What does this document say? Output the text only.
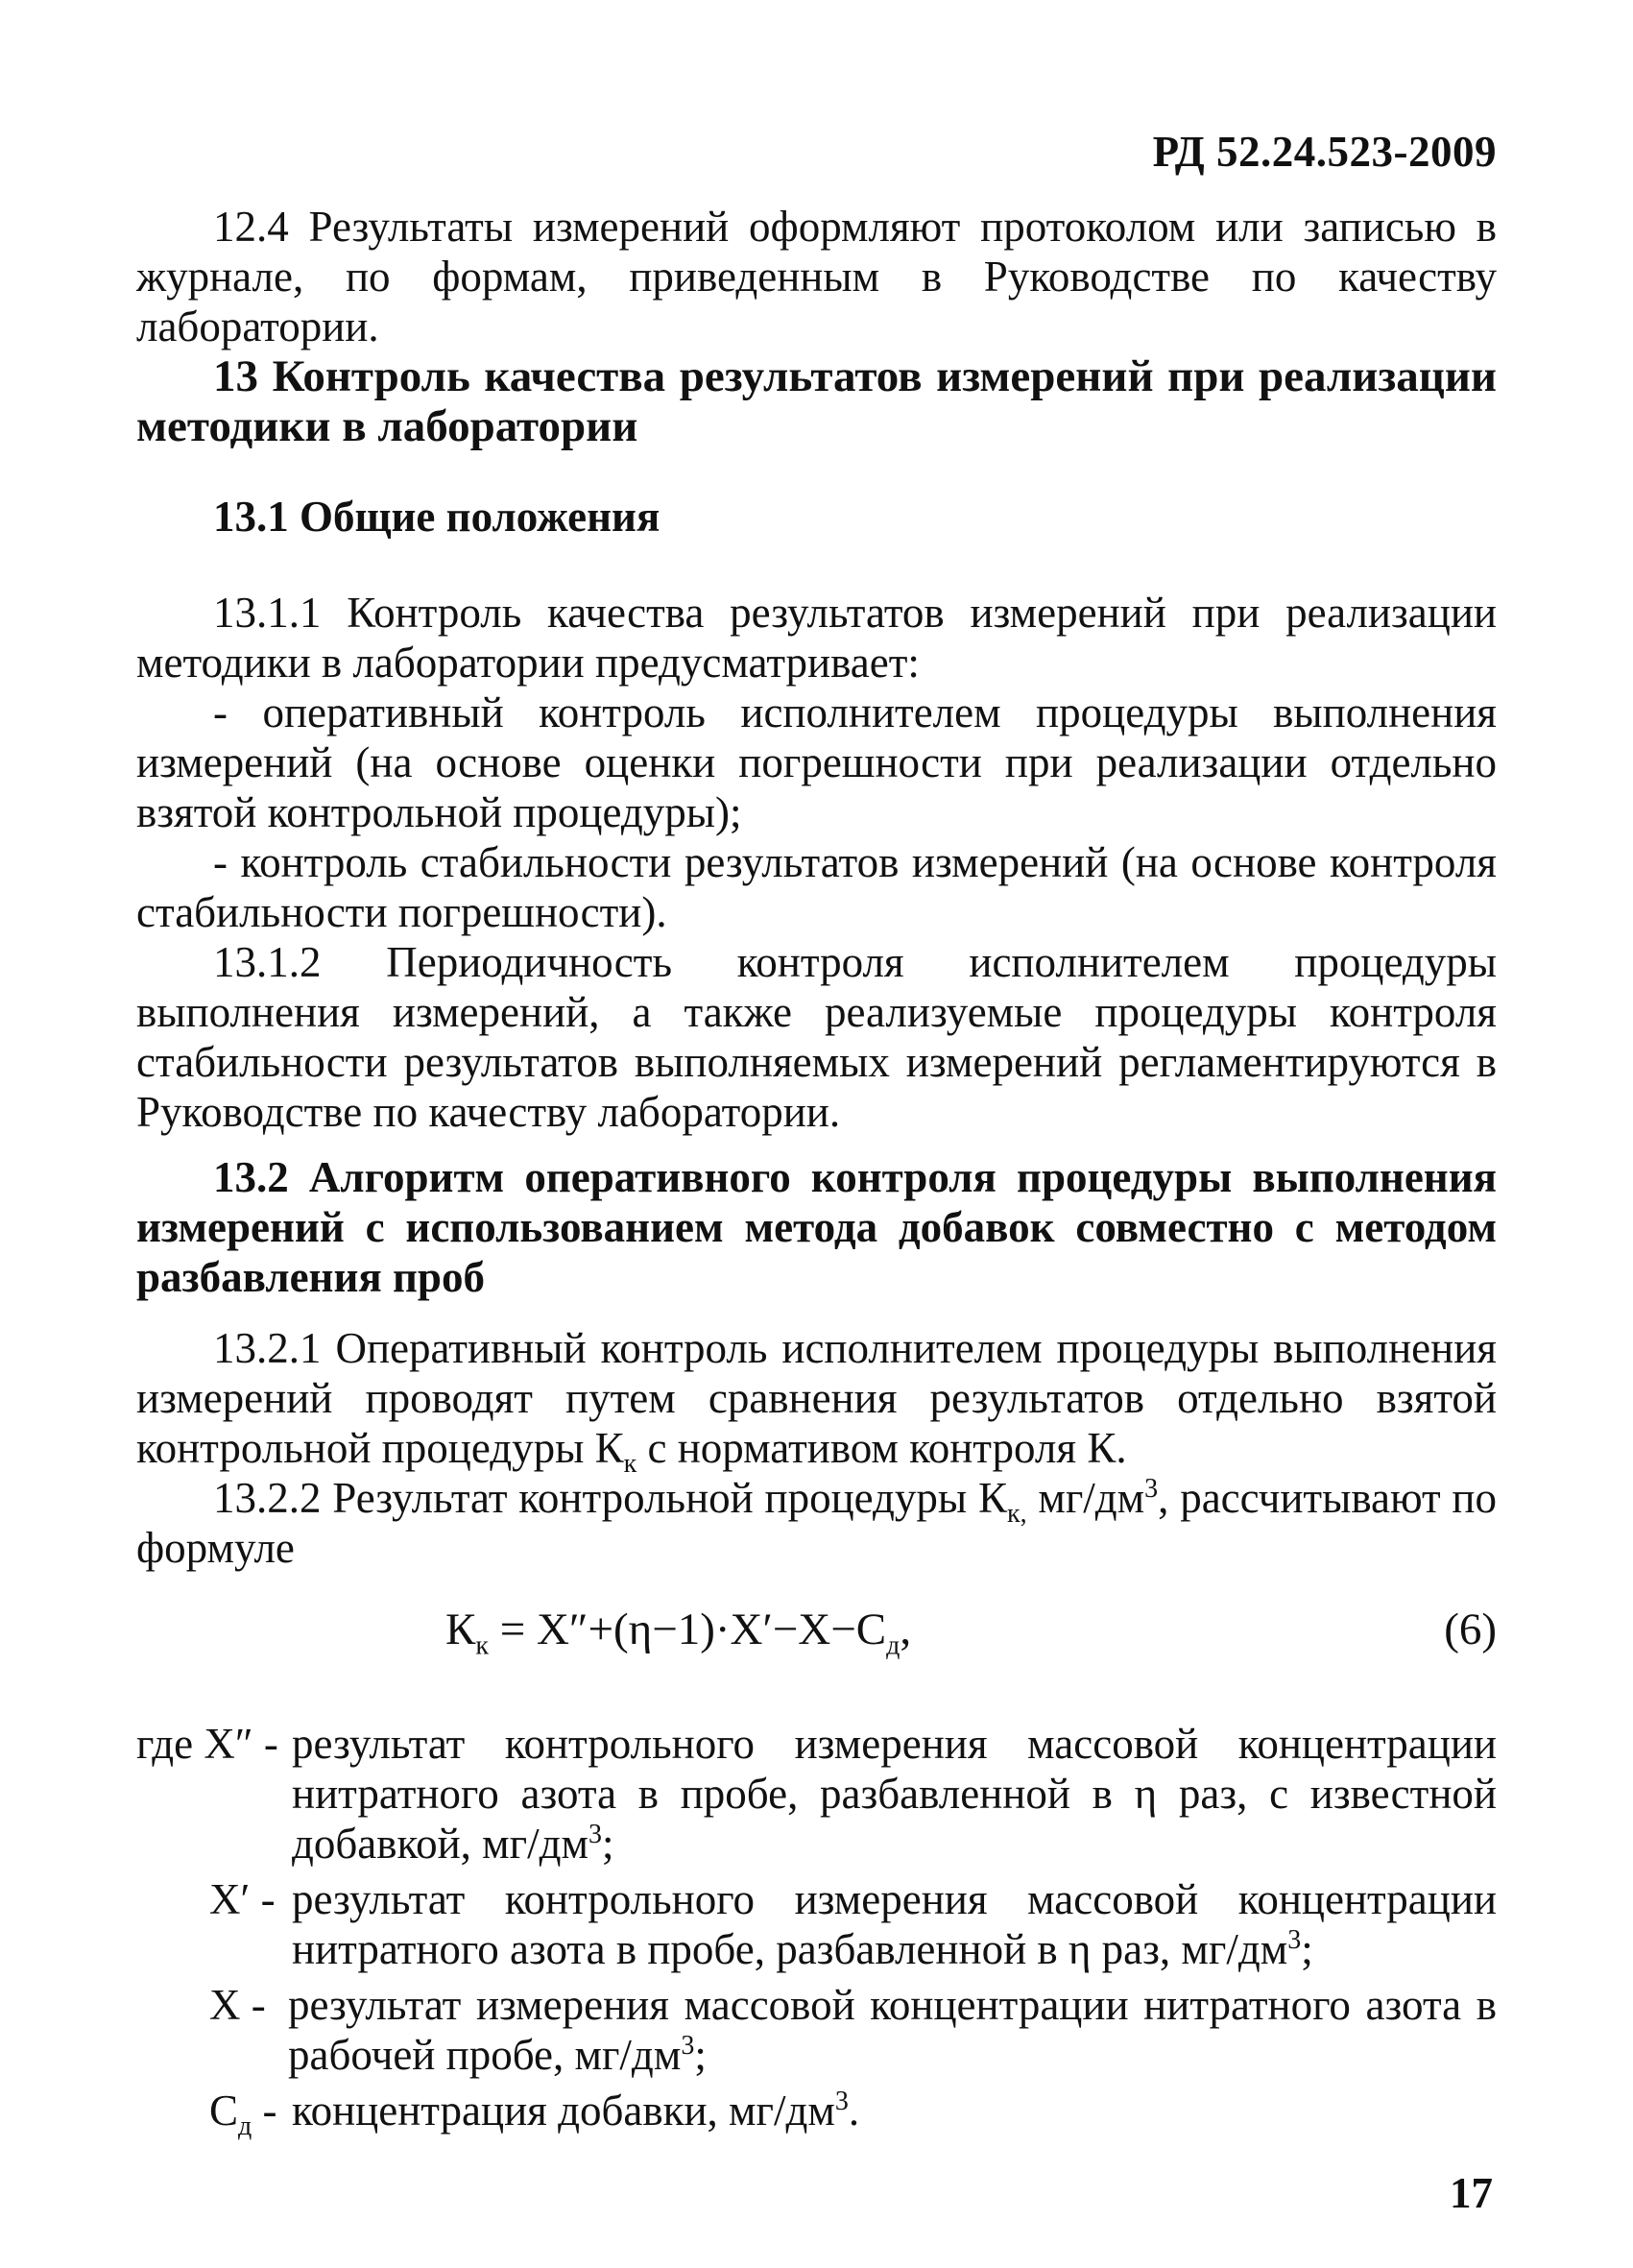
РД 52.24.523-2009

12.4 Результаты измерений оформляют протоколом или записью в журнале, по формам, приведенным в Руководстве по качеству лаборатории.

13 Контроль качества результатов измерений при реализации методики в лаборатории

13.1 Общие положения

13.1.1 Контроль качества результатов измерений при реализации методики в лаборатории предусматривает:

- оперативный контроль исполнителем процедуры выполнения измерений (на основе оценки погрешности при реализации отдельно взятой контрольной процедуры);

- контроль стабильности результатов измерений (на основе контроля стабильности погрешности).

13.1.2 Периодичность контроля исполнителем процедуры выполнения измерений, а также реализуемые процедуры контроля стабильности результатов выполняемых измерений регламентируются в Руководстве по качеству лаборатории.

13.2 Алгоритм оперативного контроля процедуры выполнения измерений с использованием метода добавок совместно с методом разбавления проб

13.2.1 Оперативный контроль исполнителем процедуры выполнения измерений проводят путем сравнения результатов отдельно взятой контрольной процедуры $К_к$ с нормативом контроля К.

13.2.2 Результат контрольной процедуры $К_{к,}$ $мг/дм^3$, рассчитывают по формуле

$К_к = X''+(\eta-1)\cdot X'-X-C_д$,	(6)
где X″ - результат контрольного измерения массовой концентрации нитратного азота в пробе, разбавленной в η раз, с известной добавкой, $мг/дм^3$;
X′ - результат контрольного измерения массовой концентрации нитратного азота в пробе, разбавленной в η раз, $мг/дм^3$;
X - результат измерения массовой концентрации нитратного азота в рабочей пробе, $мг/дм^3$;
$C_д$ - концентрация добавки, $мг/дм^3$.
17
